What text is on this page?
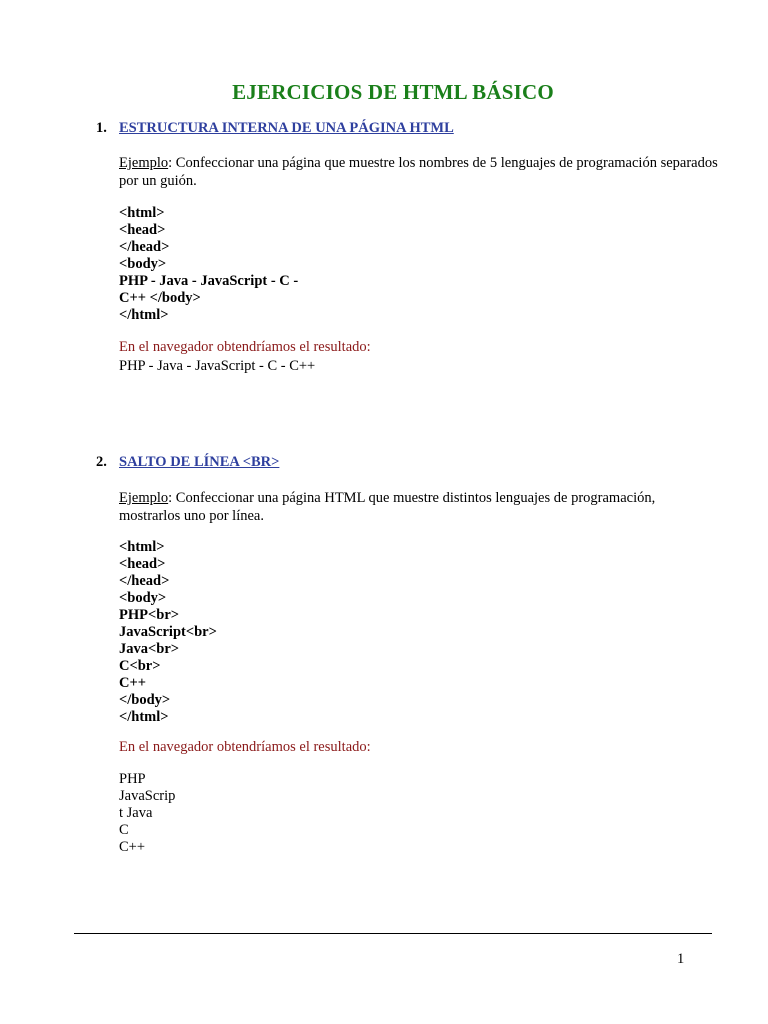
EJERCICIOS DE HTML BÁSICO
1. ESTRUCTURA INTERNA DE UNA PÁGINA HTML
Ejemplo: Confeccionar una página que muestre los nombres de 5 lenguajes de programación separados por un guión.
<html>
<head>
</head>
<body>
PHP - Java - JavaScript - C -
C++ </body>
</html>
En el navegador obtendríamos el resultado:
PHP - Java - JavaScript - C - C++
2. SALTO DE LÍNEA <BR>
Ejemplo: Confeccionar una página HTML que muestre distintos lenguajes de programación, mostrarlos uno por línea.
<html>
<head>
</head>
<body>
PHP<br>
JavaScript<br>
Java<br>
C<br>
C++
</body>
</html>
En el navegador obtendríamos el resultado:
PHP
JavaScrip
t Java
C
C++
1
